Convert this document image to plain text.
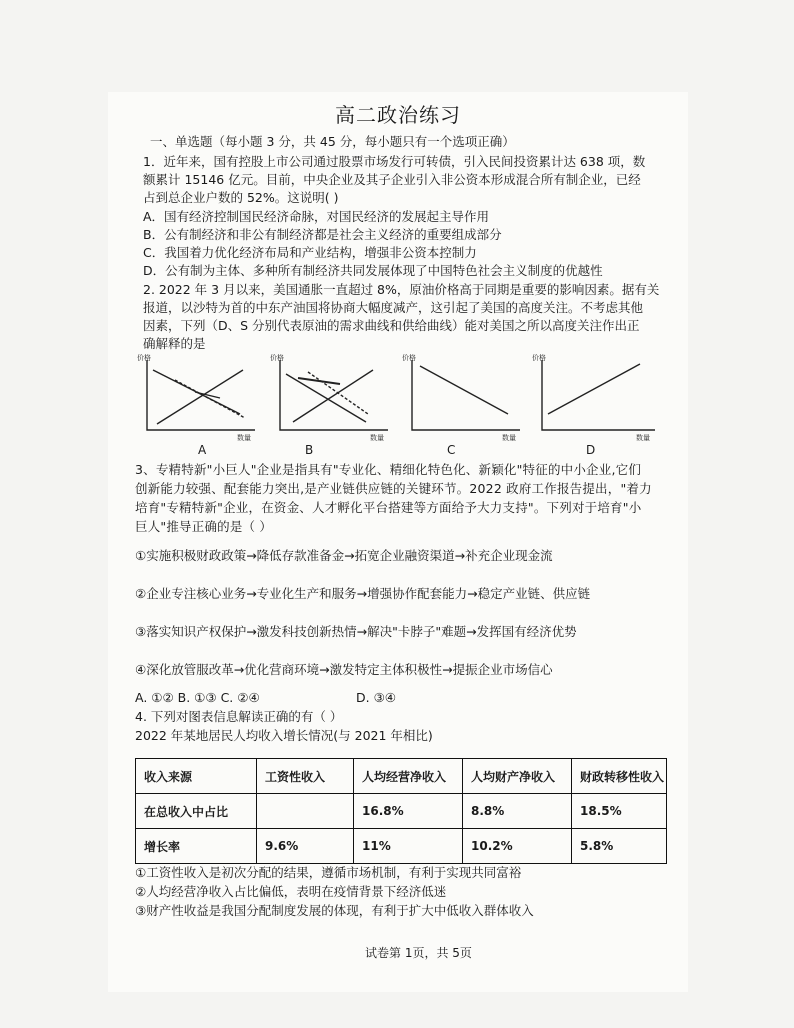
高二政治练习
一、单选题（每小题 3 分，共 45 分，每小题只有一个选项正确）
1．近年来，国有控股上市公司通过股票市场发行可转债，引入民间投资累计达 638 项，数
额累计 15146 亿元。目前，中央企业及其子企业引入非公资本形成混合所有制企业，已经
占到总企业户数的 52%。这说明( )
A．国有经济控制国民经济命脉，对国民经济的发展起主导作用
B．公有制经济和非公有制经济都是社会主义经济的重要组成部分
C．我国着力优化经济布局和产业结构，增强非公资本控制力
D．公有制为主体、多种所有制经济共同发展体现了中国特色社会主义制度的优越性
2. 2022 年 3 月以来，美国通胀一直超过 8%，原油价格高于同期是重要的影响因素。据有关
报道，以沙特为首的中东产油国将协商大幅度减产，这引起了美国的高度关注。不考虑其他
因素，下列（D、S 分别代表原油的需求曲线和供给曲线）能对美国之所以高度关注作出正
确解释的是
价格
数量
A
价格
数量
B
价格
数量
C
价格
数量
D
3、专精特新"小巨人"企业是指具有"专业化、精细化特色化、新颖化"特征的中小企业,它们
创新能力较强、配套能力突出,是产业链供应链的关键环节。2022 政府工作报告提出，"着力
培育"专精特新"企业，在资金、人才孵化平台搭建等方面给予大力支持"。下列对于培育"小
巨人"推导正确的是（ ）
①实施积极财政政策→降低存款准备金→拓宽企业融资渠道→补充企业现金流
②企业专注核心业务→专业化生产和服务→增强协作配套能力→稳定产业链、供应链
③落实知识产权保护→激发科技创新热情→解决"卡脖子"难题→发挥国有经济优势
④深化放管服改革→优化营商环境→激发特定主体积极性→提振企业市场信心
A. ①② B. ①③ C. ②④	D. ③④
4. 下列对图表信息解读正确的有（ ）
2022 年某地居民人均收入增长情况(与 2021 年相比)
收入来源	工资性收入	人均经营净收入	人均财产净收入	财政转移性收入
在总收入中占比		16.8%	8.8%	18.5%
增长率	9.6%	11%	10.2%	5.8%
①工资性收入是初次分配的结果，遵循市场机制，有利于实现共同富裕
②人均经营净收入占比偏低，表明在疫情背景下经济低迷
③财产性收益是我国分配制度发展的体现，有利于扩大中低收入群体收入
试卷第 1页，共 5页
